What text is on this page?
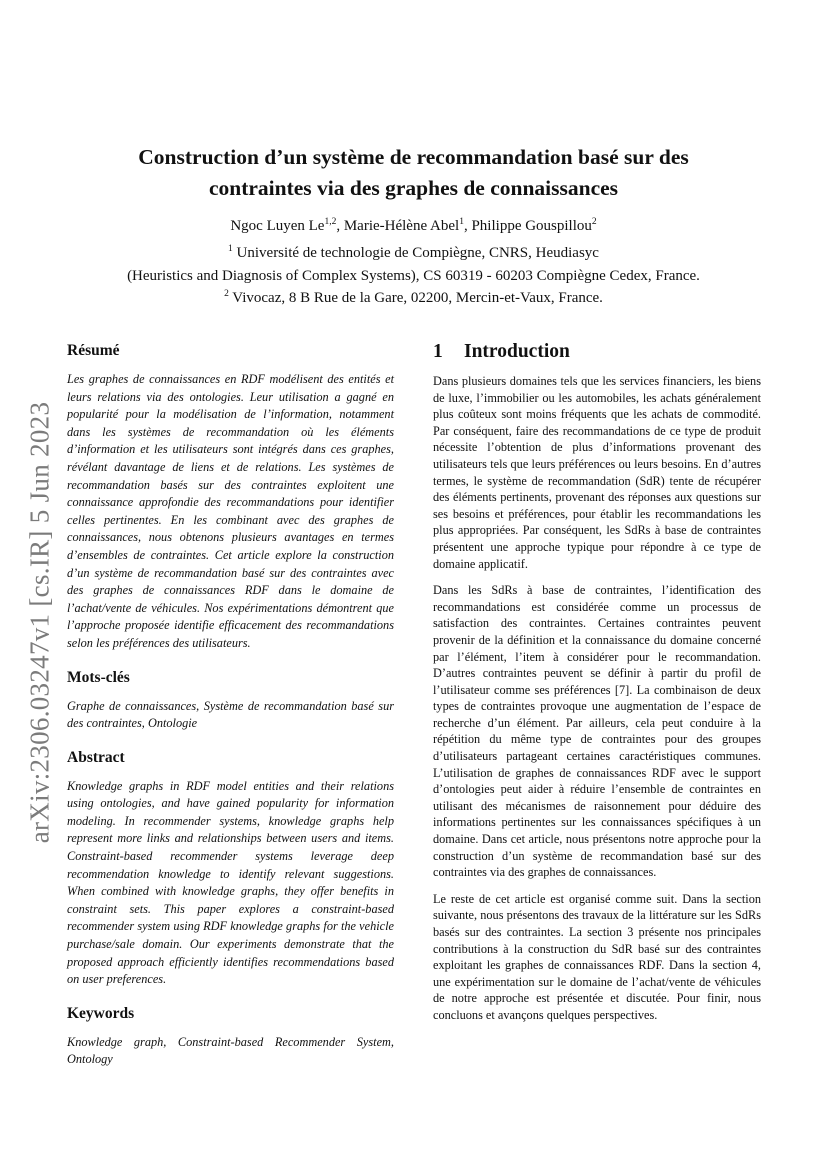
arXiv:2306.03247v1 [cs.IR] 5 Jun 2023
Construction d’un système de recommandation basé sur des
contraintes via des graphes de connaissances
Ngoc Luyen Le$^{1,2}$, Marie-Hélène Abel$^1$, Philippe Gouspillou$^2$
$^1$ Université de technologie de Compiègne, CNRS, Heudiasyc
(Heuristics and Diagnosis of Complex Systems), CS 60319 - 60203 Compiègne Cedex, France.
$^2$ Vivocaz, 8 B Rue de la Gare, 02200, Mercin-et-Vaux, France.
Résumé

Les graphes de connaissances en RDF modélisent des entités et leurs relations via des ontologies. Leur utilisation a gagné en popularité pour la modélisation de l’information, notamment dans les systèmes de recommandation où les éléments d’information et les utilisateurs sont intégrés dans ces graphes, révélant davantage de liens et de relations. Les systèmes de recommandation basés sur des contraintes exploitent une connaissance approfondie des recommandations pour identifier celles pertinentes. En les combinant avec des graphes de connaissances, nous obtenons plusieurs avantages en termes d’ensembles de contraintes. Cet article explore la construction d’un système de recommandation basé sur des contraintes avec des graphes de connaissances RDF dans le domaine de l’achat/vente de véhicules. Nos expérimentations démontrent que l’approche proposée identifie efficacement des recommandations selon les préférences des utilisateurs.

Mots-clés

Graphe de connaissances, Système de recommandation basé sur des contraintes, Ontologie

Abstract

Knowledge graphs in RDF model entities and their relations using ontologies, and have gained popularity for information modeling. In recommender systems, knowledge graphs help represent more links and relationships between users and items. Constraint-based recommender systems leverage deep recommendation knowledge to identify relevant suggestions. When combined with knowledge graphs, they offer benefits in constraint sets. This paper explores a constraint-based recommender system using RDF knowledge graphs for the vehicle purchase/sale domain. Our experiments demonstrate that the proposed approach efficiently identifies recommendations based on user preferences.

Keywords

Knowledge graph, Constraint-based Recommender System, Ontology

1 Introduction

Dans plusieurs domaines tels que les services financiers, les biens de luxe, l’immobilier ou les automobiles, les achats généralement plus coûteux sont moins fréquents que les achats de commodité. Par conséquent, faire des recommandations de ce type de produit nécessite l’obtention de plus d’informations provenant des utilisateurs tels que leurs préférences ou leurs besoins. En d’autres termes, le système de recommandation (SdR) tente de récupérer des éléments pertinents, provenant des réponses aux questions sur ses besoins et préférences, pour établir les recommandations les plus appropriées. Par conséquent, les SdRs à base de contraintes présentent une approche typique pour répondre à ce type de domaine applicatif.

Dans les SdRs à base de contraintes, l’identification des recommandations est considérée comme un processus de satisfaction des contraintes. Certaines contraintes peuvent provenir de la définition et la connaissance du domaine concerné par l’élément, l’item à considérer pour le recommandation. D’autres contraintes peuvent se définir à partir du profil de l’utilisateur comme ses préférences [7]. La combinaison de deux types de contraintes provoque une augmentation de l’espace de recherche d’un élément. Par ailleurs, cela peut conduire à la répétition du même type de contraintes pour des groupes d’utilisateurs partageant certaines caractéristiques communes. L’utilisation de graphes de connaissances RDF avec le support d’ontologies peut aider à réduire l’ensemble de contraintes en utilisant des mécanismes de raisonnement pour déduire des informations pertinentes sur les connaissances spécifiques à un domaine. Dans cet article, nous présentons notre approche pour la construction d’un système de recommandation basé sur des contraintes via des graphes de connaissances.

Le reste de cet article est organisé comme suit. Dans la section suivante, nous présentons des travaux de la littérature sur les SdRs basés sur des contraintes. La section 3 présente nos principales contributions à la construction du SdR basé sur des contraintes exploitant les graphes de connaissances RDF. Dans la section 4, une expérimentation sur le domaine de l’achat/vente de véhicules de notre approche est présentée et discutée. Pour finir, nous concluons et avançons quelques perspectives.
